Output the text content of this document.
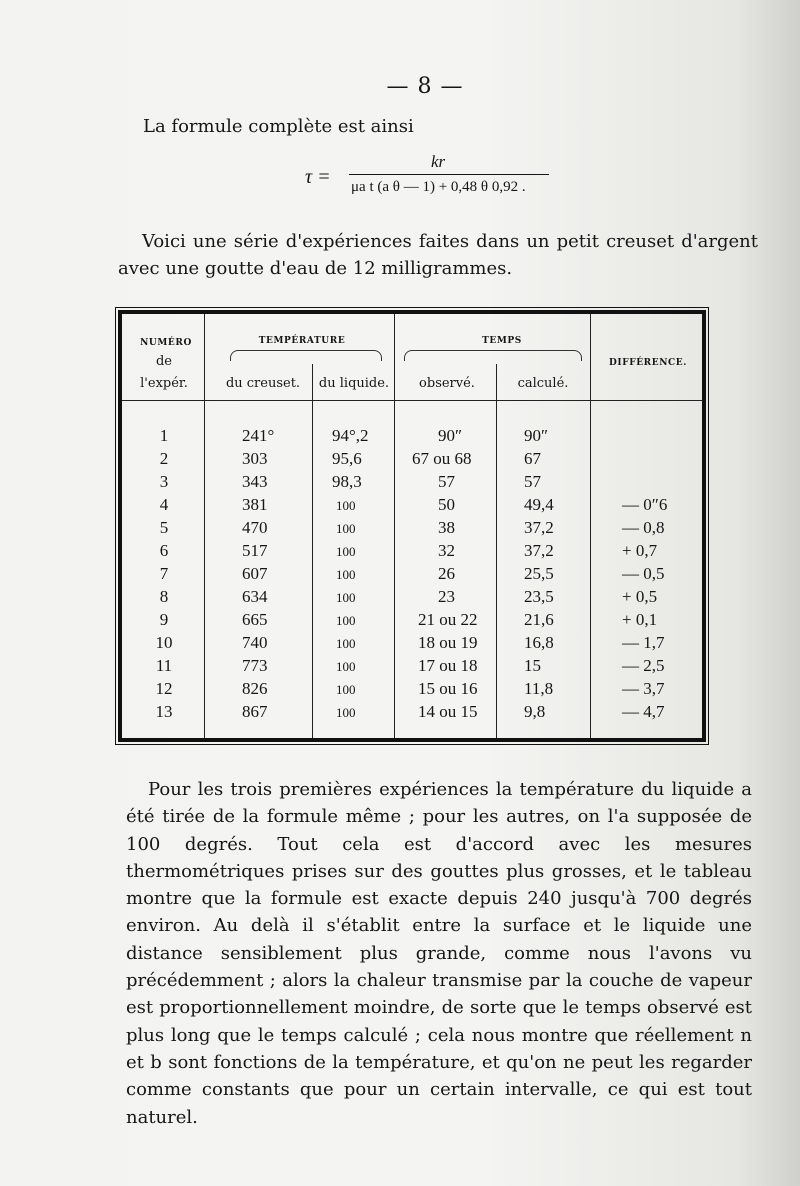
— 8 —
La formule complète est ainsi
τ =
kr
μa t (a θ — 1) + 0,48 θ 0,92 .
Voici une série d'expériences faites dans un petit creuset d'argent avec une goutte d'eau de 12 milligrammes.
NUMÉRO
de
l'expér.
TEMPÉRATURE
du creuset.	du liquide.
TEMPS
observé.	calculé.
DIFFÉRENCE.
1	241°	94°,2	90″	90″
2	303	95,6	67 ou 68	67
3	343	98,3	57	57
4	381	100	50	49,4	— 0″6
5	470	100	38	37,2	— 0,8
6	517	100	32	37,2	+ 0,7
7	607	100	26	25,5	— 0,5
8	634	100	23	23,5	+ 0,5
9	665	100	21 ou 22	21,6	+ 0,1
10	740	100	18 ou 19	16,8	— 1,7
11	773	100	17 ou 18	15	— 2,5
12	826	100	15 ou 16	11,8	— 3,7
13	867	100	14 ou 15	9,8	— 4,7

Pour les trois premières expériences la température du liquide a été tirée de la formule même ; pour les autres, on l'a supposée de 100 degrés. Tout cela est d'accord avec les mesures thermométriques prises sur des gouttes plus grosses, et le tableau montre que la formule est exacte depuis 240 jusqu'à 700 degrés environ. Au delà il s'établit entre la surface et le liquide une distance sensiblement plus grande, comme nous l'avons vu précédemment ; alors la chaleur transmise par la couche de vapeur est proportionnellement moindre, de sorte que le temps observé est plus long que le temps calculé ; cela nous montre que réellement n et b sont fonctions de la température, et qu'on ne peut les regarder comme constants que pour un certain intervalle, ce qui est tout naturel.
